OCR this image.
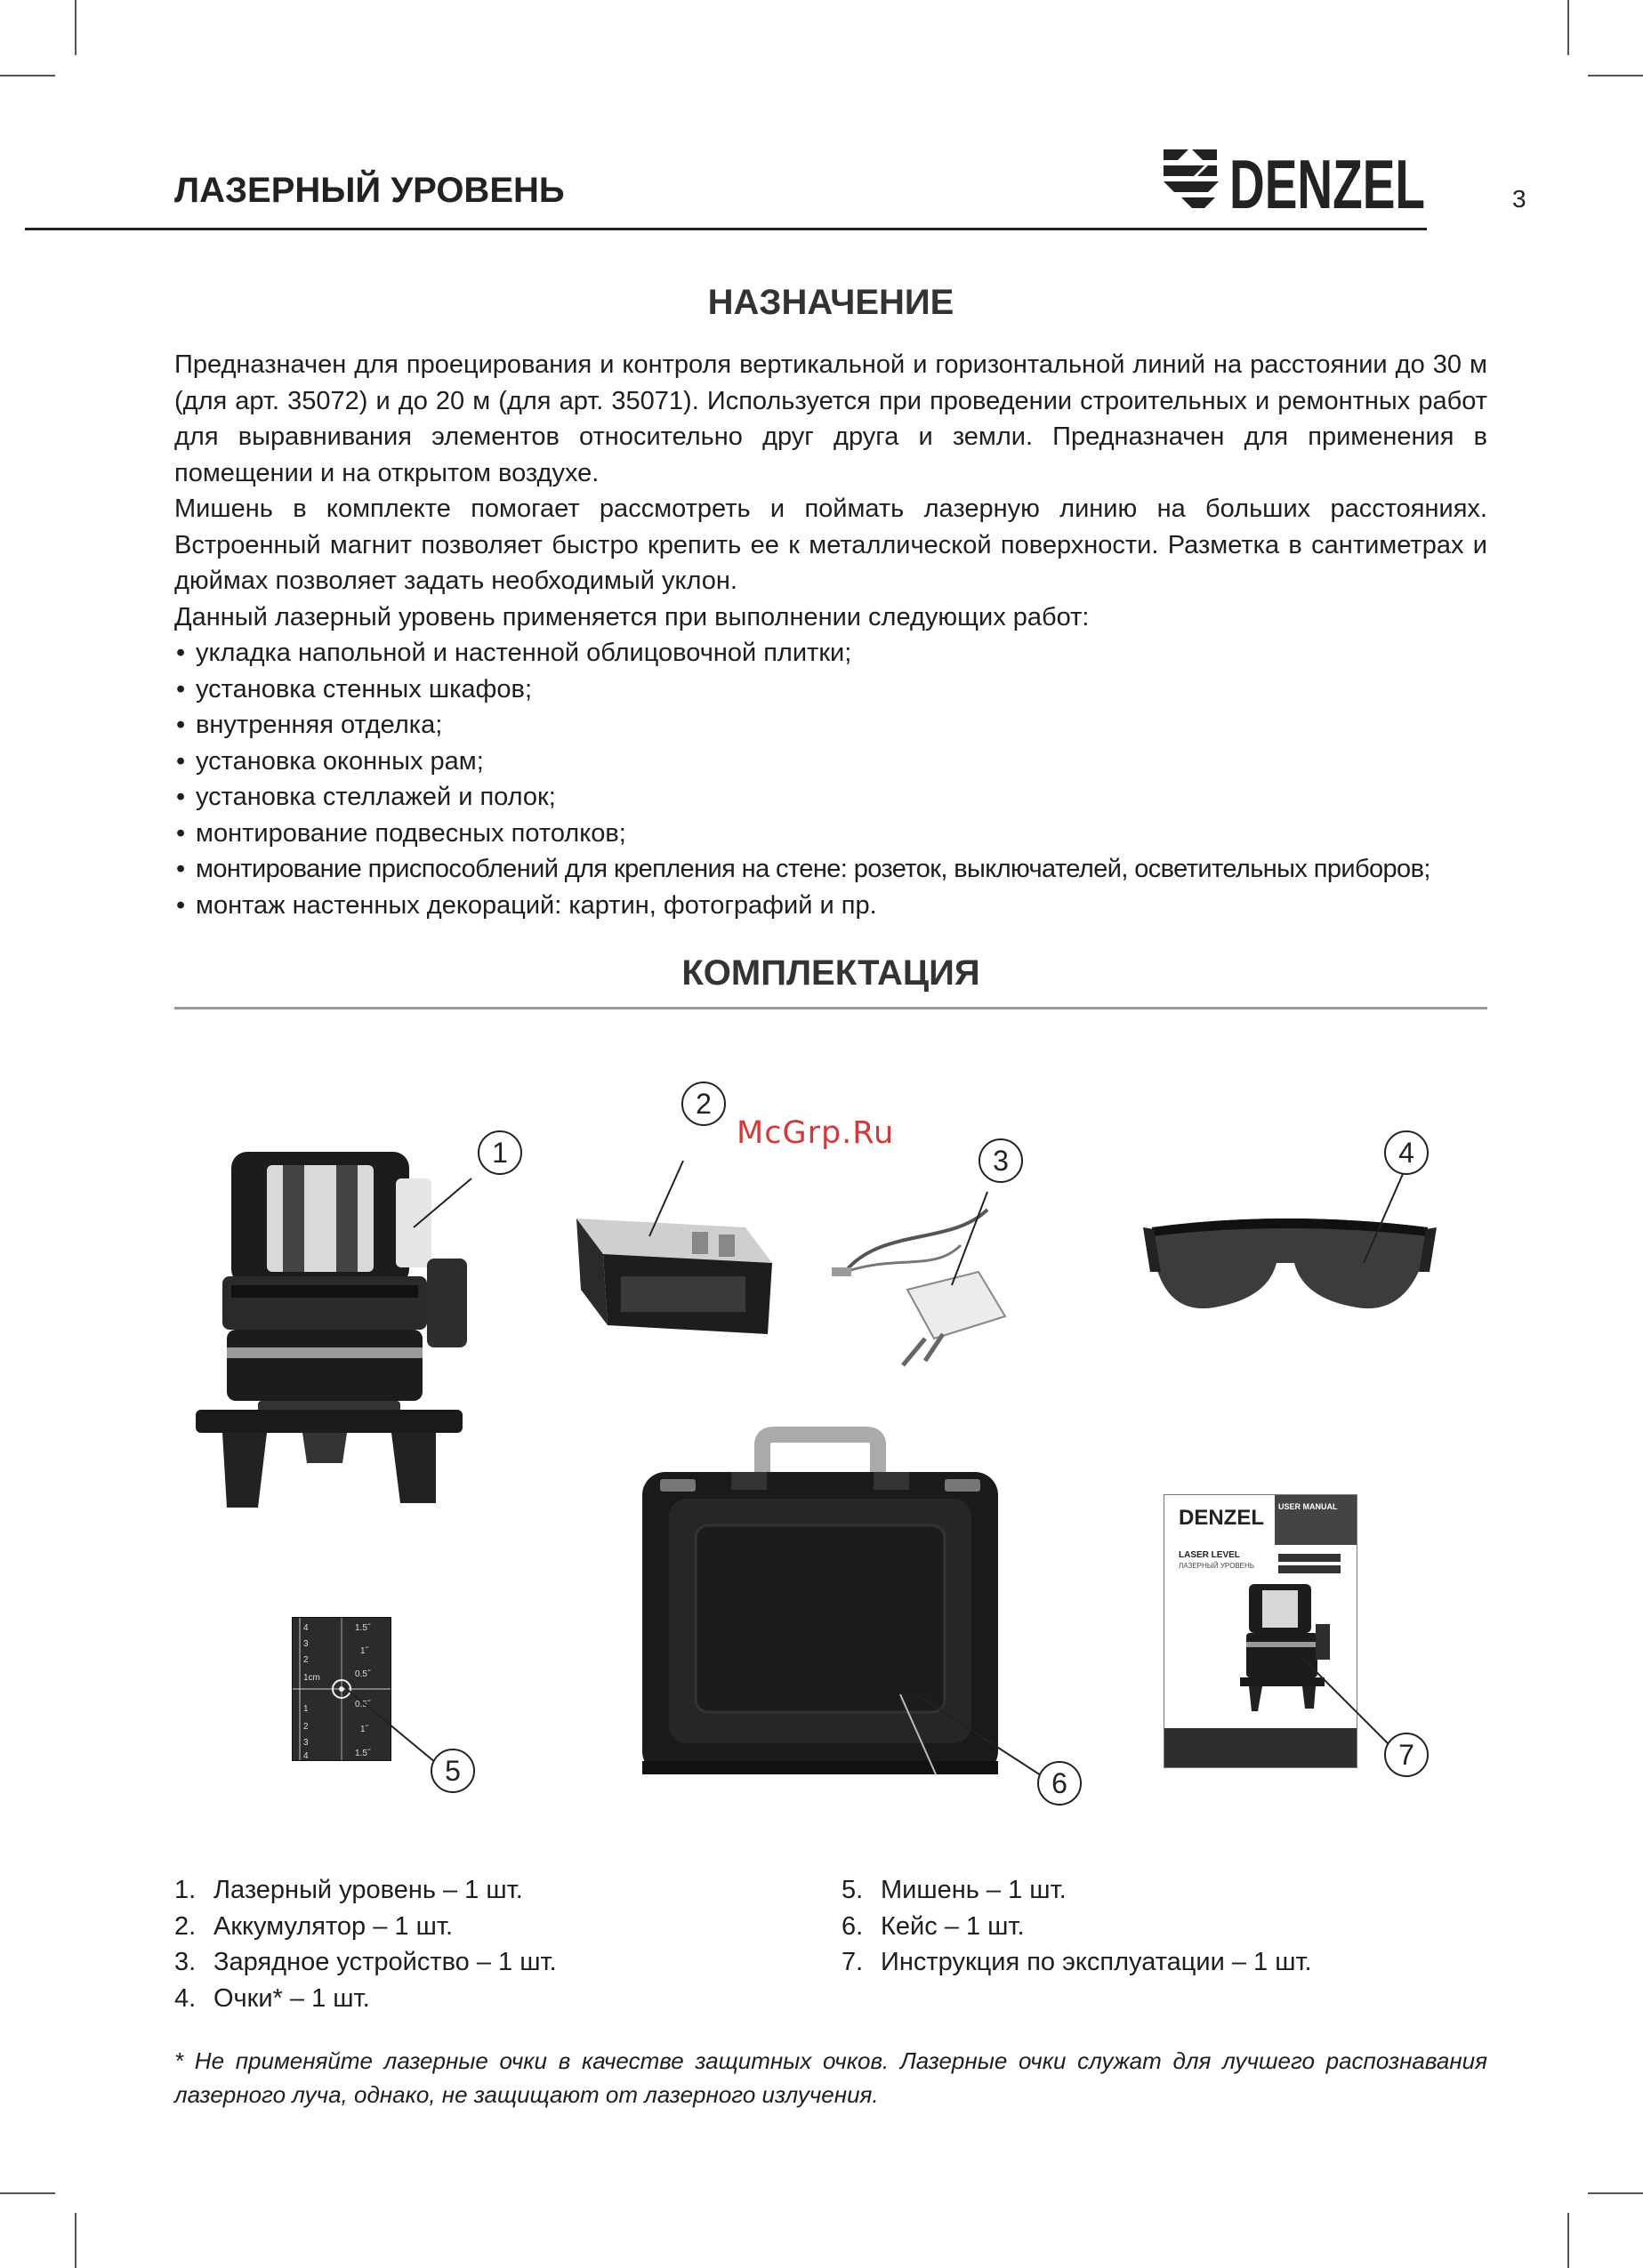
ЛАЗЕРНЫЙ УРОВЕНЬ	DENZEL	3
НАЗНАЧЕНИЕ

Предназначен для проецирования и контроля вертикальной и горизонтальной линий на расстоянии до 30 м (для арт. 35072) и до 20 м (для арт. 35071). Используется при проведении строительных и ремонтных работ для выравнивания элементов относительно друг друга и земли. Предназначен для применения в помещении и на открытом воздухе.

Мишень в комплекте помогает рассмотреть и поймать лазерную линию на больших расстояниях. Встроенный магнит позволяет быстро крепить ее к металлической поверхности. Разметка в сантиметрах и дюймах позволяет задать необходимый уклон.

Данный лазерный уровень применяется при выполнении следующих работ:

• укладка напольной и настенной облицовочной плитки;
• установка стенных шкафов;
• внутренняя отделка;
• установка оконных рам;
• установка стеллажей и полок;
• монтирование подвесных потолков;
• монтирование приспособлений для крепления на стене: розеток, выключателей, осветительных приборов;
• монтаж настенных декораций: картин, фотографий и пр.
КОМПЛЕКТАЦИЯ
McGrp.Ru
1
2
3	4
4
3
2
1cm
1
2
3
4
1.5˝
1˝
0.5˝
0.5˝
1˝
1.5˝
5	6
USER MANUAL
DENZEL
LASER LEVEL
ЛАЗЕРНЫЙ УРОВЕНЬ
7
1. Лазерный уровень – 1 шт.
2. Аккумулятор – 1 шт.
3. Зарядное устройство – 1 шт.
4. Очки* – 1 шт.
5. Мишень – 1 шт.
6. Кейс – 1 шт.
7. Инструкция по эксплуатации – 1 шт.
* Не применяйте лазерные очки в качестве защитных очков. Лазерные очки служат для лучшего распознавания лазерного луча, однако, не защищают от лазерного излучения.
